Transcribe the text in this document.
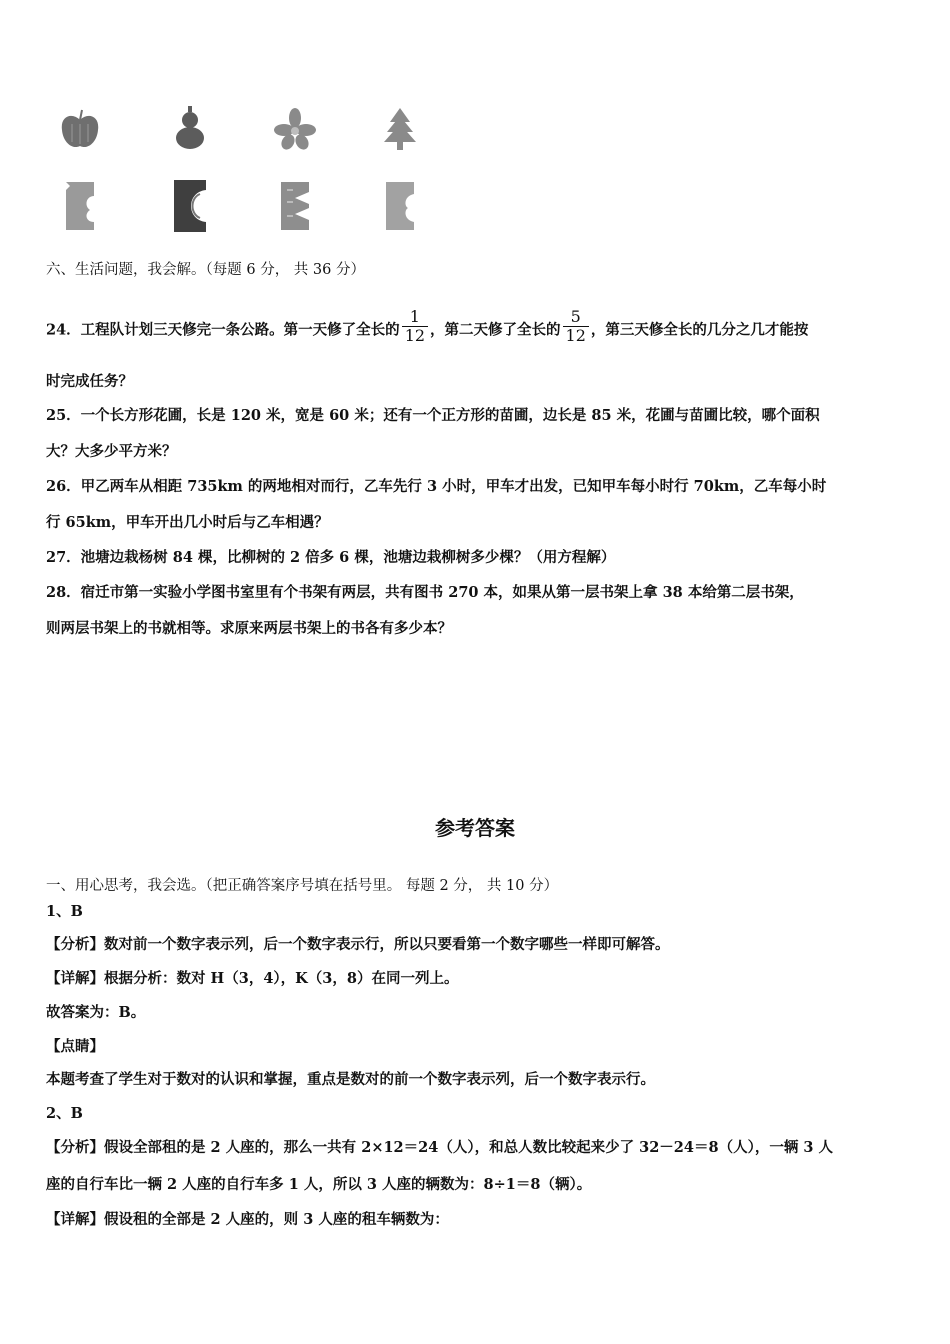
六、生活问题，我会解。（每题 6 分， 共 36 分）
24．工程队计划三天修完一条公路。第一天修了全长的 $\frac{1}{12}$ ，第二天修了全长的 $\frac{5}{12}$ ，第三天修全长的几分之几才能按
时完成任务？
25．一个长方形花圃，长是 120 米，宽是 60 米；还有一个正方形的苗圃，边长是 85 米，花圃与苗圃比较，哪个面积
大？大多少平方米？
26．甲乙两车从相距 735km 的两地相对而行，乙车先行 3 小时，甲车才出发，已知甲车每小时行 70km，乙车每小时
行 65km，甲车开出几小时后与乙车相遇？
27．池塘边栽杨树 84 棵，比柳树的 2 倍多 6 棵，池塘边栽柳树多少棵？（用方程解）
28．宿迁市第一实验小学图书室里有个书架有两层，共有图书 270 本，如果从第一层书架上拿 38 本给第二层书架，
则两层书架上的书就相等。求原来两层书架上的书各有多少本？
参考答案
一、用心思考，我会选。（把正确答案序号填在括号里。 每题 2 分， 共 10 分）
1、B
【分析】数对前一个数字表示列，后一个数字表示行，所以只要看第一个数字哪些一样即可解答。
【详解】根据分析：数对 H（3，4），K（3，8）在同一列上。
故答案为：B。
【点睛】
本题考查了学生对于数对的认识和掌握，重点是数对的前一个数字表示列，后一个数字表示行。
2、B
【分析】假设全部租的是 2 人座的，那么一共有 2×12＝24（人），和总人数比较起来少了 32－24＝8（人），一辆 3 人
座的自行车比一辆 2 人座的自行车多 1 人，所以 3 人座的辆数为：8÷1＝8（辆）。
【详解】假设租的全部是 2 人座的，则 3 人座的租车辆数为：
